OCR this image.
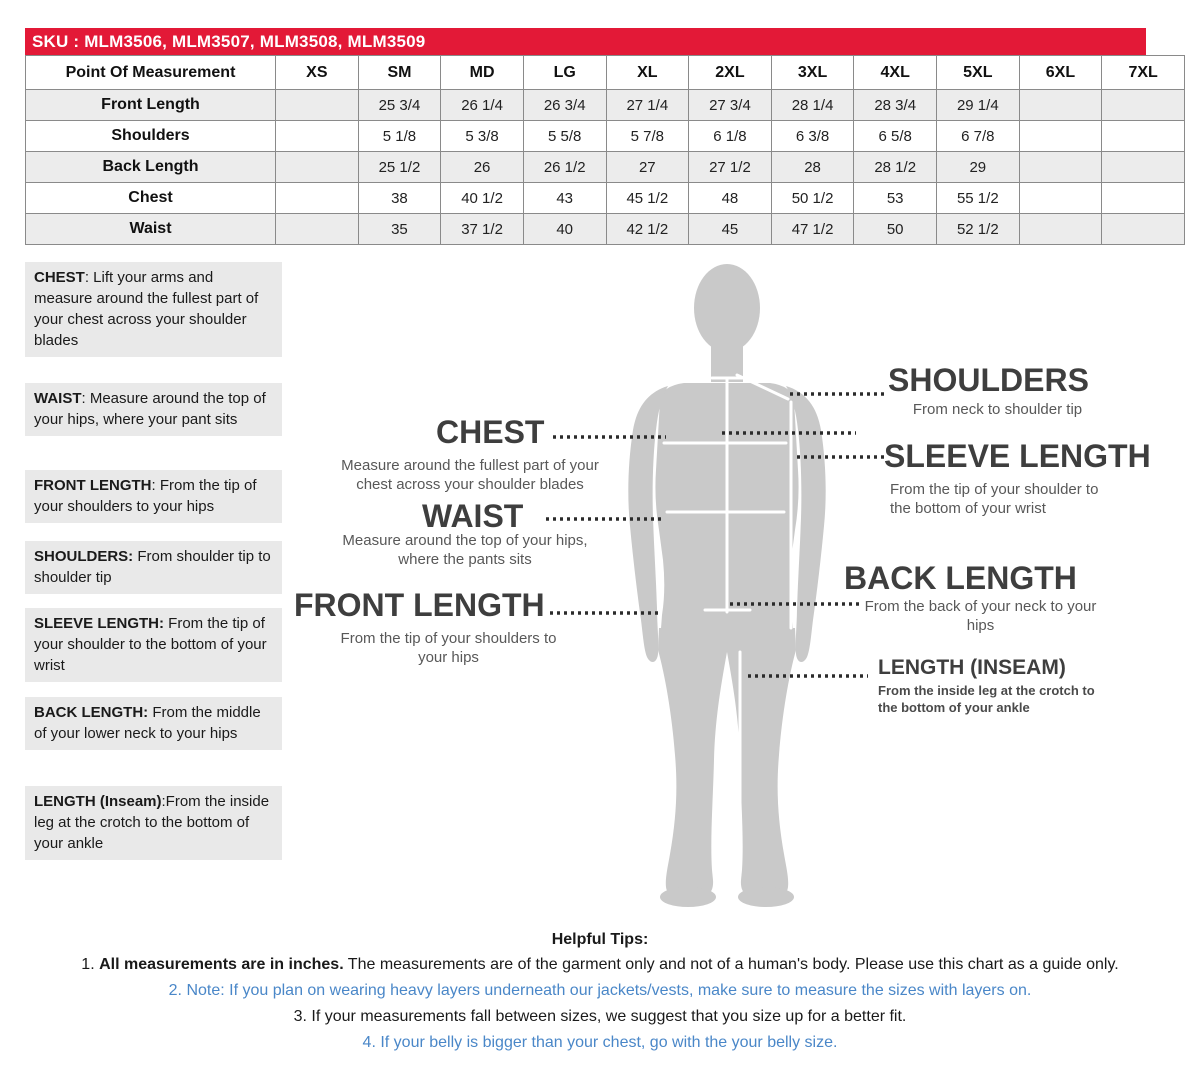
SKU : MLM3506, MLM3507, MLM3508, MLM3509
Point Of Measurement	XS	SM	MD	LG	XL	2XL	3XL	4XL	5XL	6XL	7XL
Front Length		25 3/4	26 1/4	26 3/4	27 1/4	27 3/4	28 1/4	28 3/4	29 1/4		
Shoulders		5 1/8	5 3/8	5 5/8	5 7/8	6 1/8	6 3/8	6 5/8	6 7/8		
Back Length		25 1/2	26	26 1/2	27	27 1/2	28	28 1/2	29		
Chest		38	40 1/2	43	45 1/2	48	50 1/2	53	55 1/2		
Waist		35	37 1/2	40	42 1/2	45	47 1/2	50	52 1/2		
CHEST: Lift your arms and measure around the fullest part of your chest across your shoulder blades
WAIST: Measure around the top of your hips, where your pant sits
FRONT LENGTH: From the tip of your shoulders to your hips
SHOULDERS: From shoulder tip to shoulder tip
SLEEVE LENGTH: From the tip of your shoulder to the bottom of your wrist
BACK LENGTH: From the middle of your lower neck to your hips
LENGTH (Inseam):From the inside leg at the crotch to the bottom of your ankle
CHEST
Measure around the fullest part of your chest across your shoulder blades
WAIST
Measure around the top of your hips, where the pants sits
FRONT LENGTH
From the tip of your shoulders to your hips
SHOULDERS
From neck to shoulder tip
SLEEVE LENGTH
From the tip of your shoulder to the bottom of your wrist
BACK LENGTH
From the back of your neck to your hips
LENGTH (INSEAM)
From the inside leg at the crotch to the bottom of your ankle
Helpful Tips:
1. All measurements are in inches. The measurements are of the garment only and not of a human's body. Please use this chart as a guide only.
2. Note: If you plan on wearing heavy layers underneath our jackets/vests, make sure to measure the sizes with layers on.
3. If your measurements fall between sizes, we suggest that you size up for a better fit.
4. If your belly is bigger than your chest, go with the your belly size.
